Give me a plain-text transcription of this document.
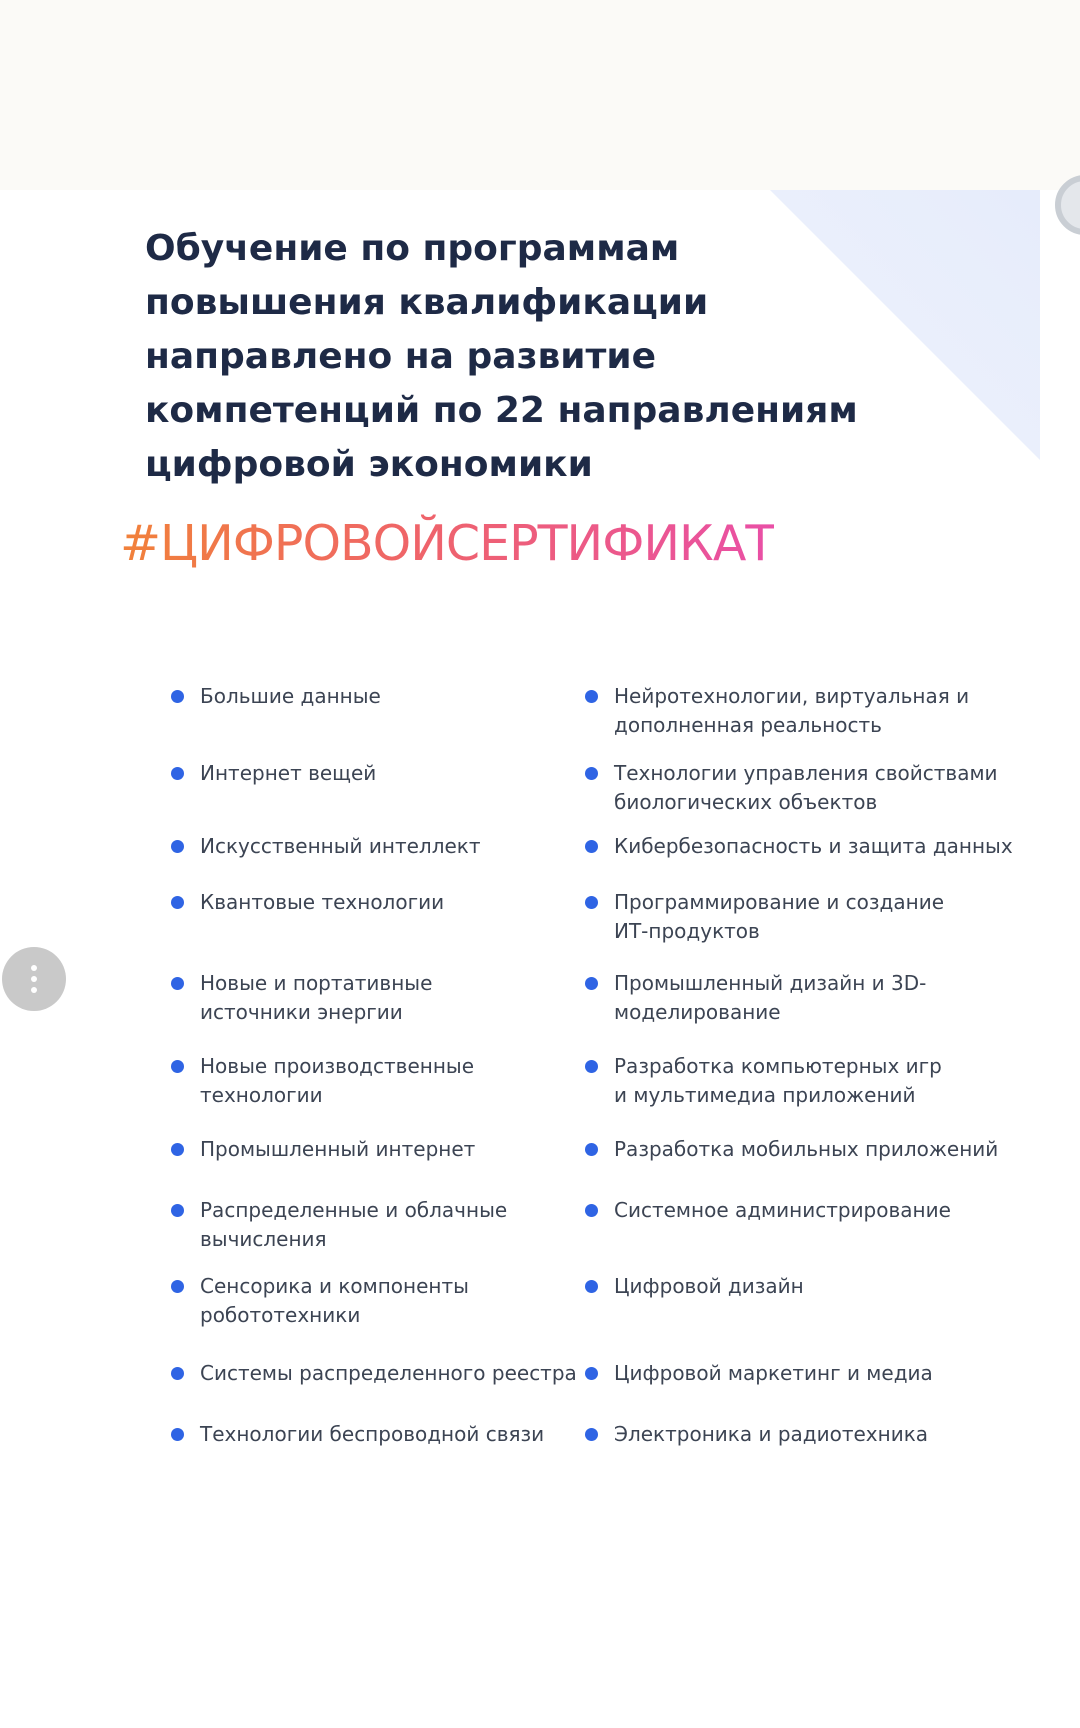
Обучение по программам
повышения квалификации
направлено на развитие
компетенций по 22 направлениям
цифровой экономики
#ЦИФРОВОЙСЕРТИФИКАТ
Большие данные
Интернет вещей
Искусственный интеллект
Квантовые технологии
Новые и портативные
источники энергии
Новые производственные
технологии
Промышленный интернет
Распределенные и облачные
вычисления
Сенсорика и компоненты
робототехники
Системы распределенного реестра
Технологии беспроводной связи
Нейротехнологии, виртуальная и
дополненная реальность
Технологии управления свойствами
биологических объектов
Кибербезопасность и защита данных
Программирование и создание
ИТ-продуктов
Промышленный дизайн и 3D-
моделирование
Разработка компьютерных игр
и мультимедиа приложений
Разработка мобильных приложений
Системное администрирование
Цифровой дизайн
Цифровой маркетинг и медиа
Электроника и радиотехника
